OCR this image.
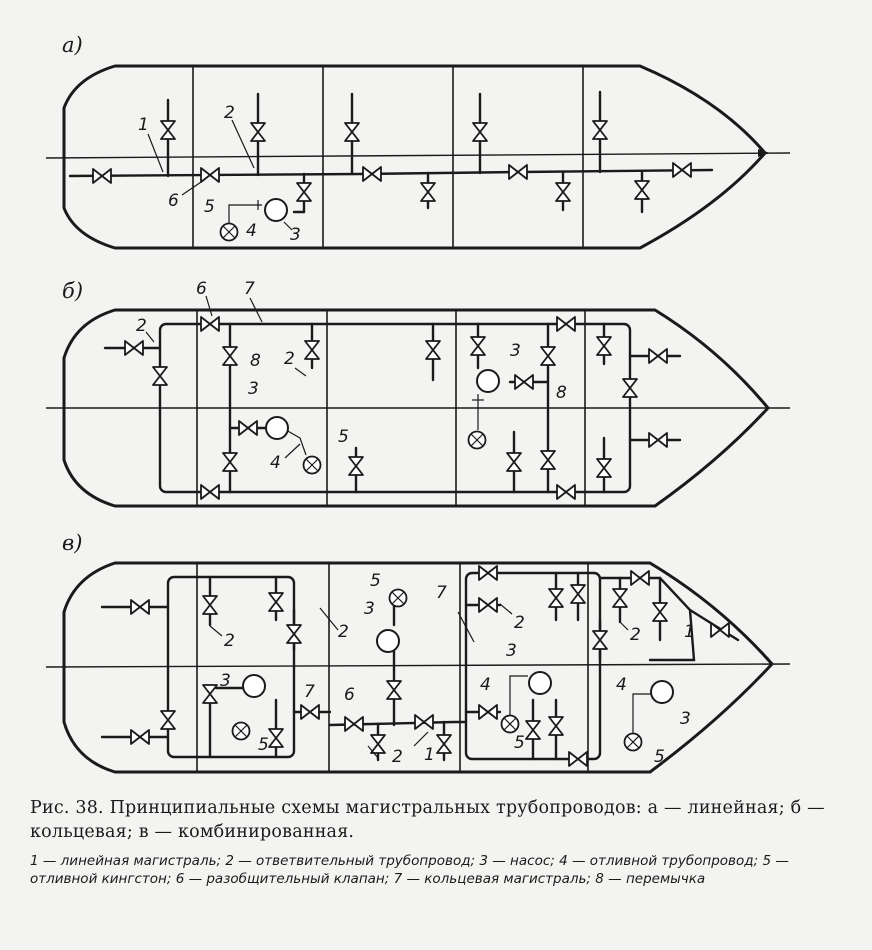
а)
1
2
6 5
4 3
б)
2
6 7
8 2
3
3
8
4
5
в)
2	2
5
3
7
2
3
7 6
2 1
4
5
3
5
2	1
4
3
5
Рис. 38. Принципиальные схемы магистральных трубопроводов: а — линейная; б — кольцевая; в — комбинированная.
1 — линейная магистраль; 2 — ответвительный трубопровод; 3 — насос; 4 — отливной трубопровод; 5 — отливной кингстон; 6 — разобщительный клапан; 7 — кольцевая магистраль; 8 — перемычка
